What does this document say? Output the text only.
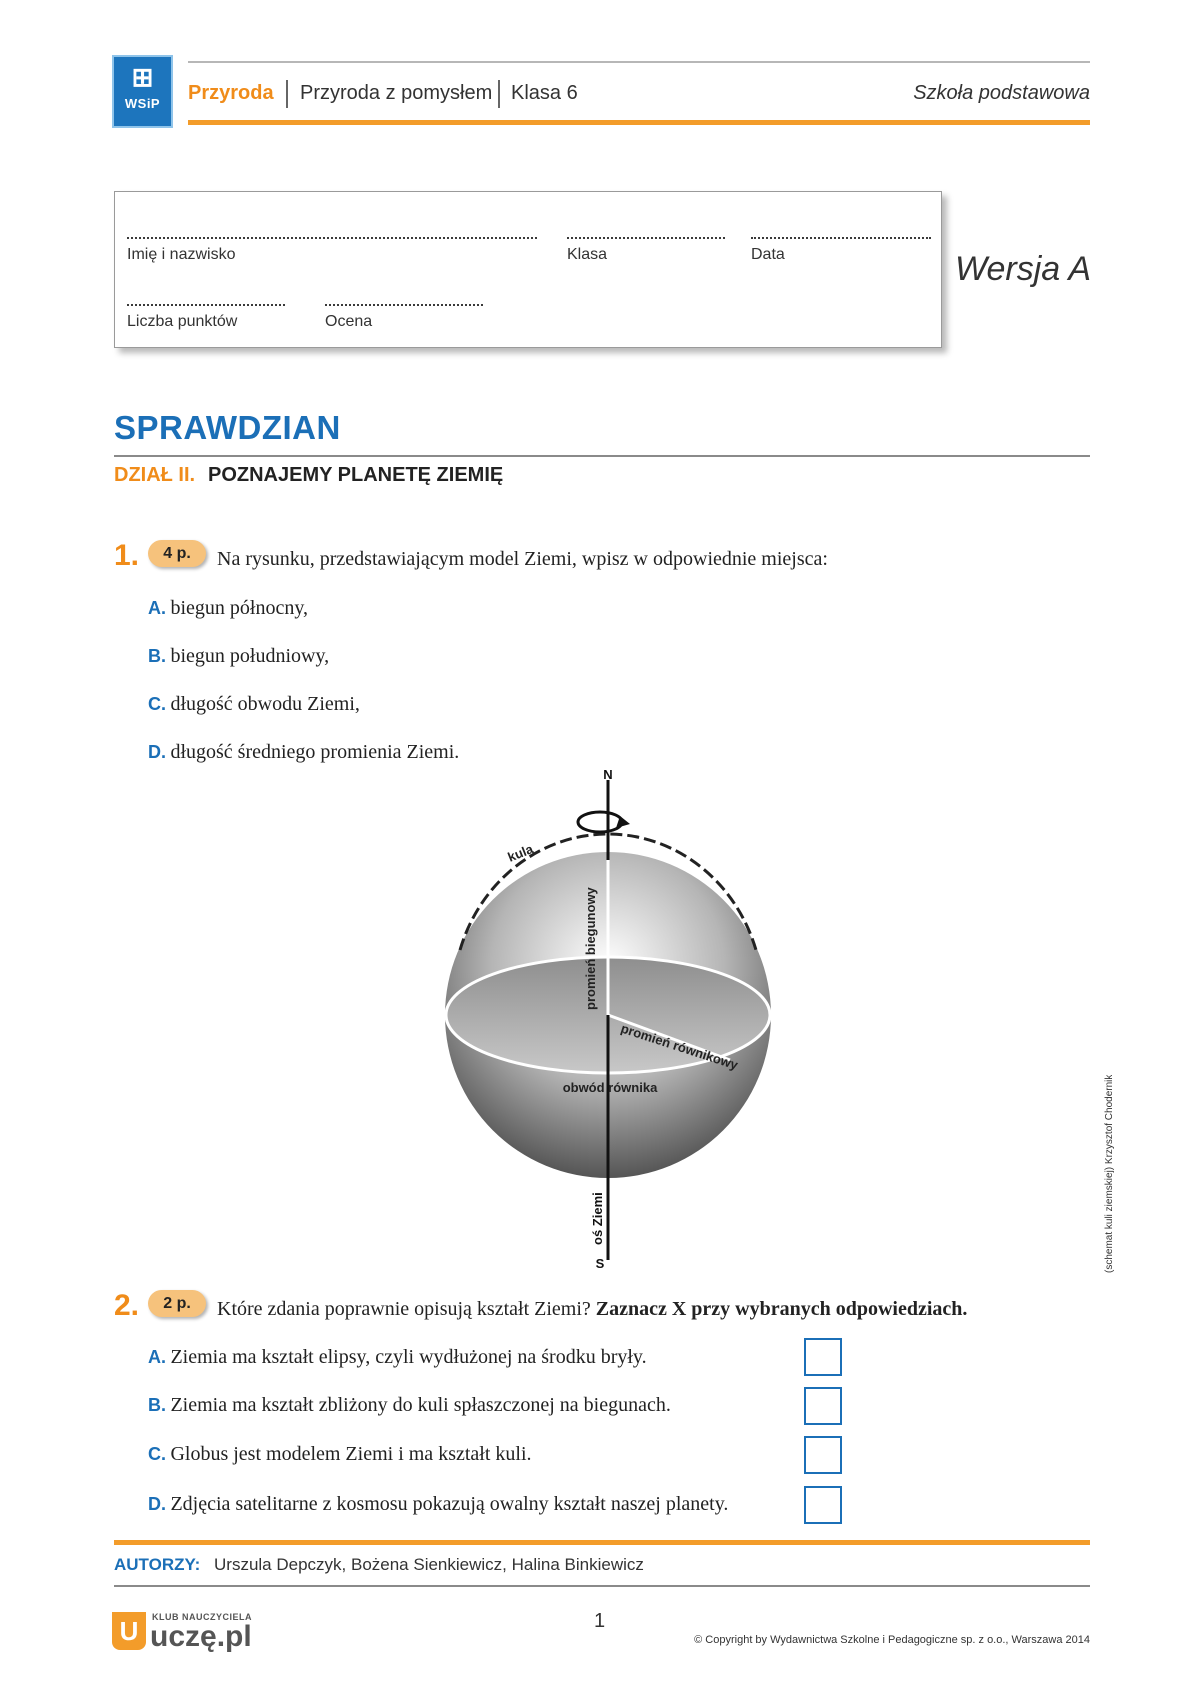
⊞
WSiP	Przyroda Przyroda z pomysłem Klasa 6	Szkoła podstawowa
Imię i nazwisko	Klasa	Data
Liczba punktów	Ocena
Wersja A
SPRAWDZIAN
DZIAŁ II. POZNAJEMY PLANETĘ ZIEMIĘ
1.	4 p.	Na rysunku, przedstawiającym model Ziemi, wpisz w odpowiednie miejsca:
A. biegun północny,
B. biegun południowy,
C. długość obwodu Ziemi,
D. długość średniego promienia Ziemi.
N
S
kula
promień biegunowy
promień równikowy
obwód równika
oś Ziemi	(schemat kuli ziemskiej) Krzysztof Chodernik
2.	2 p.	Które zdania poprawnie opisują kształt Ziemi? Zaznacz X przy wybranych odpowiedziach.
A. Ziemia ma kształt elipsy, czyli wydłużonej na środku bryły.
B. Ziemia ma kształt zbliżony do kuli spłaszczonej na biegunach.
C. Globus jest modelem Ziemi i ma kształt kuli.
D. Zdjęcia satelitarne z kosmosu pokazują owalny kształt naszej planety.
AUTORZY: Urszula Depczyk, Bożena Sienkiewicz, Halina Binkiewicz
U	KLUB NAUCZYCIELA
uczę.pl	1
© Copyright by Wydawnictwa Szkolne i Pedagogiczne sp. z o.o., Warszawa 2014
